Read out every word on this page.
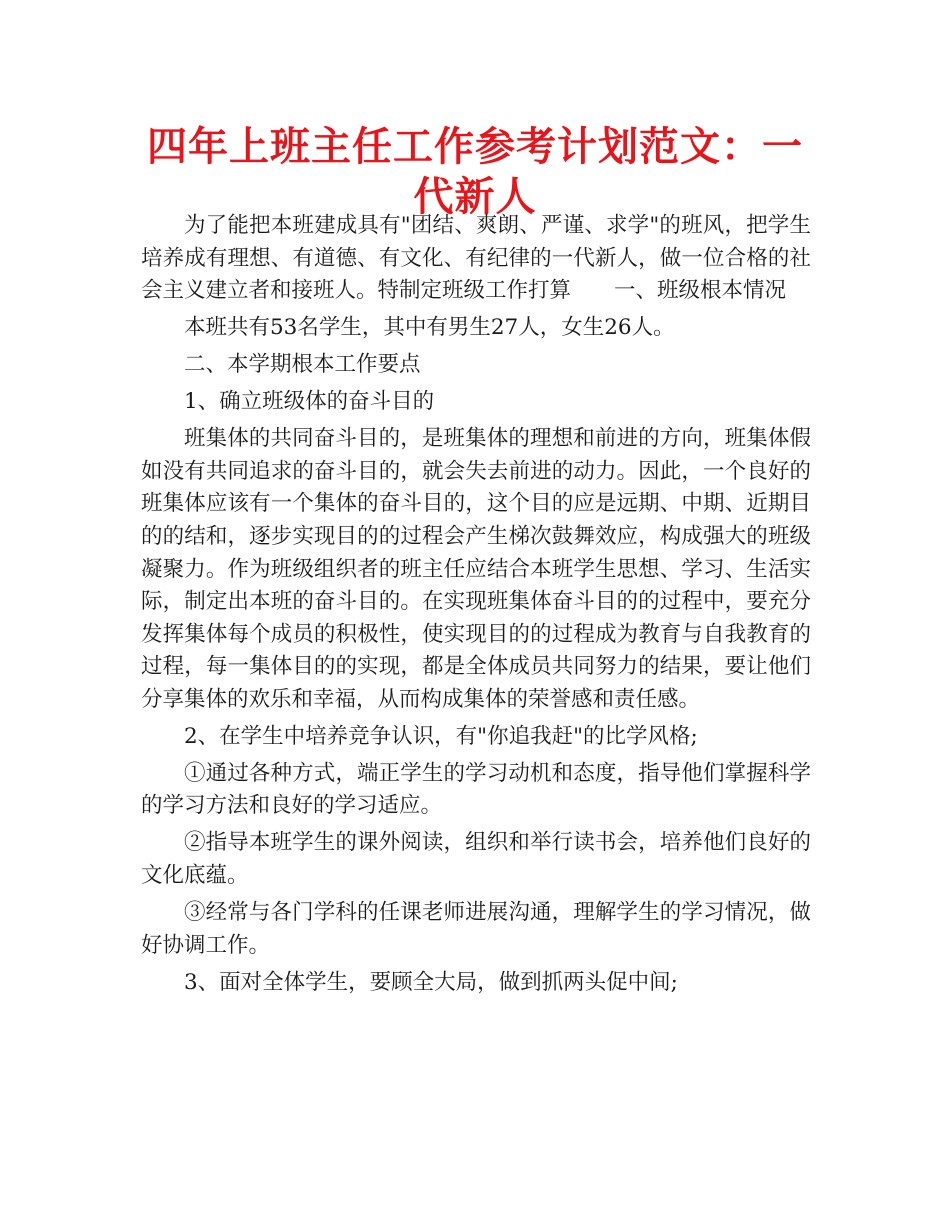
四年上班主任工作参考计划范文：一代新人

为了能把本班建成具有"团结、爽朗、严谨、求学"的班风，把学生培养成有理想、有道德、有文化、有纪律的一代新人，做一位合格的社会主义建立者和接班人。特制定班级工作打算　　一、班级根本情况

本班共有53名学生，其中有男生27人，女生26人。

二、本学期根本工作要点

1、确立班级体的奋斗目的

班集体的共同奋斗目的，是班集体的理想和前进的方向，班集体假如没有共同追求的奋斗目的，就会失去前进的动力。因此，一个良好的班集体应该有一个集体的奋斗目的，这个目的应是远期、中期、近期目的的结和，逐步实现目的的过程会产生梯次鼓舞效应，构成强大的班级凝聚力。作为班级组织者的班主任应结合本班学生思想、学习、生活实际，制定出本班的奋斗目的。在实现班集体奋斗目的的过程中，要充分发挥集体每个成员的积极性，使实现目的的过程成为教育与自我教育的过程，每一集体目的的实现，都是全体成员共同努力的结果，要让他们分享集体的欢乐和幸福，从而构成集体的荣誉感和责任感。

2、在学生中培养竞争认识，有"你追我赶"的比学风格;

①通过各种方式，端正学生的学习动机和态度，指导他们掌握科学的学习方法和良好的学习适应。

②指导本班学生的课外阅读，组织和举行读书会，培养他们良好的文化底蕴。

③经常与各门学科的任课老师进展沟通，理解学生的学习情况，做好协调工作。

3、面对全体学生，要顾全大局，做到抓两头促中间;
